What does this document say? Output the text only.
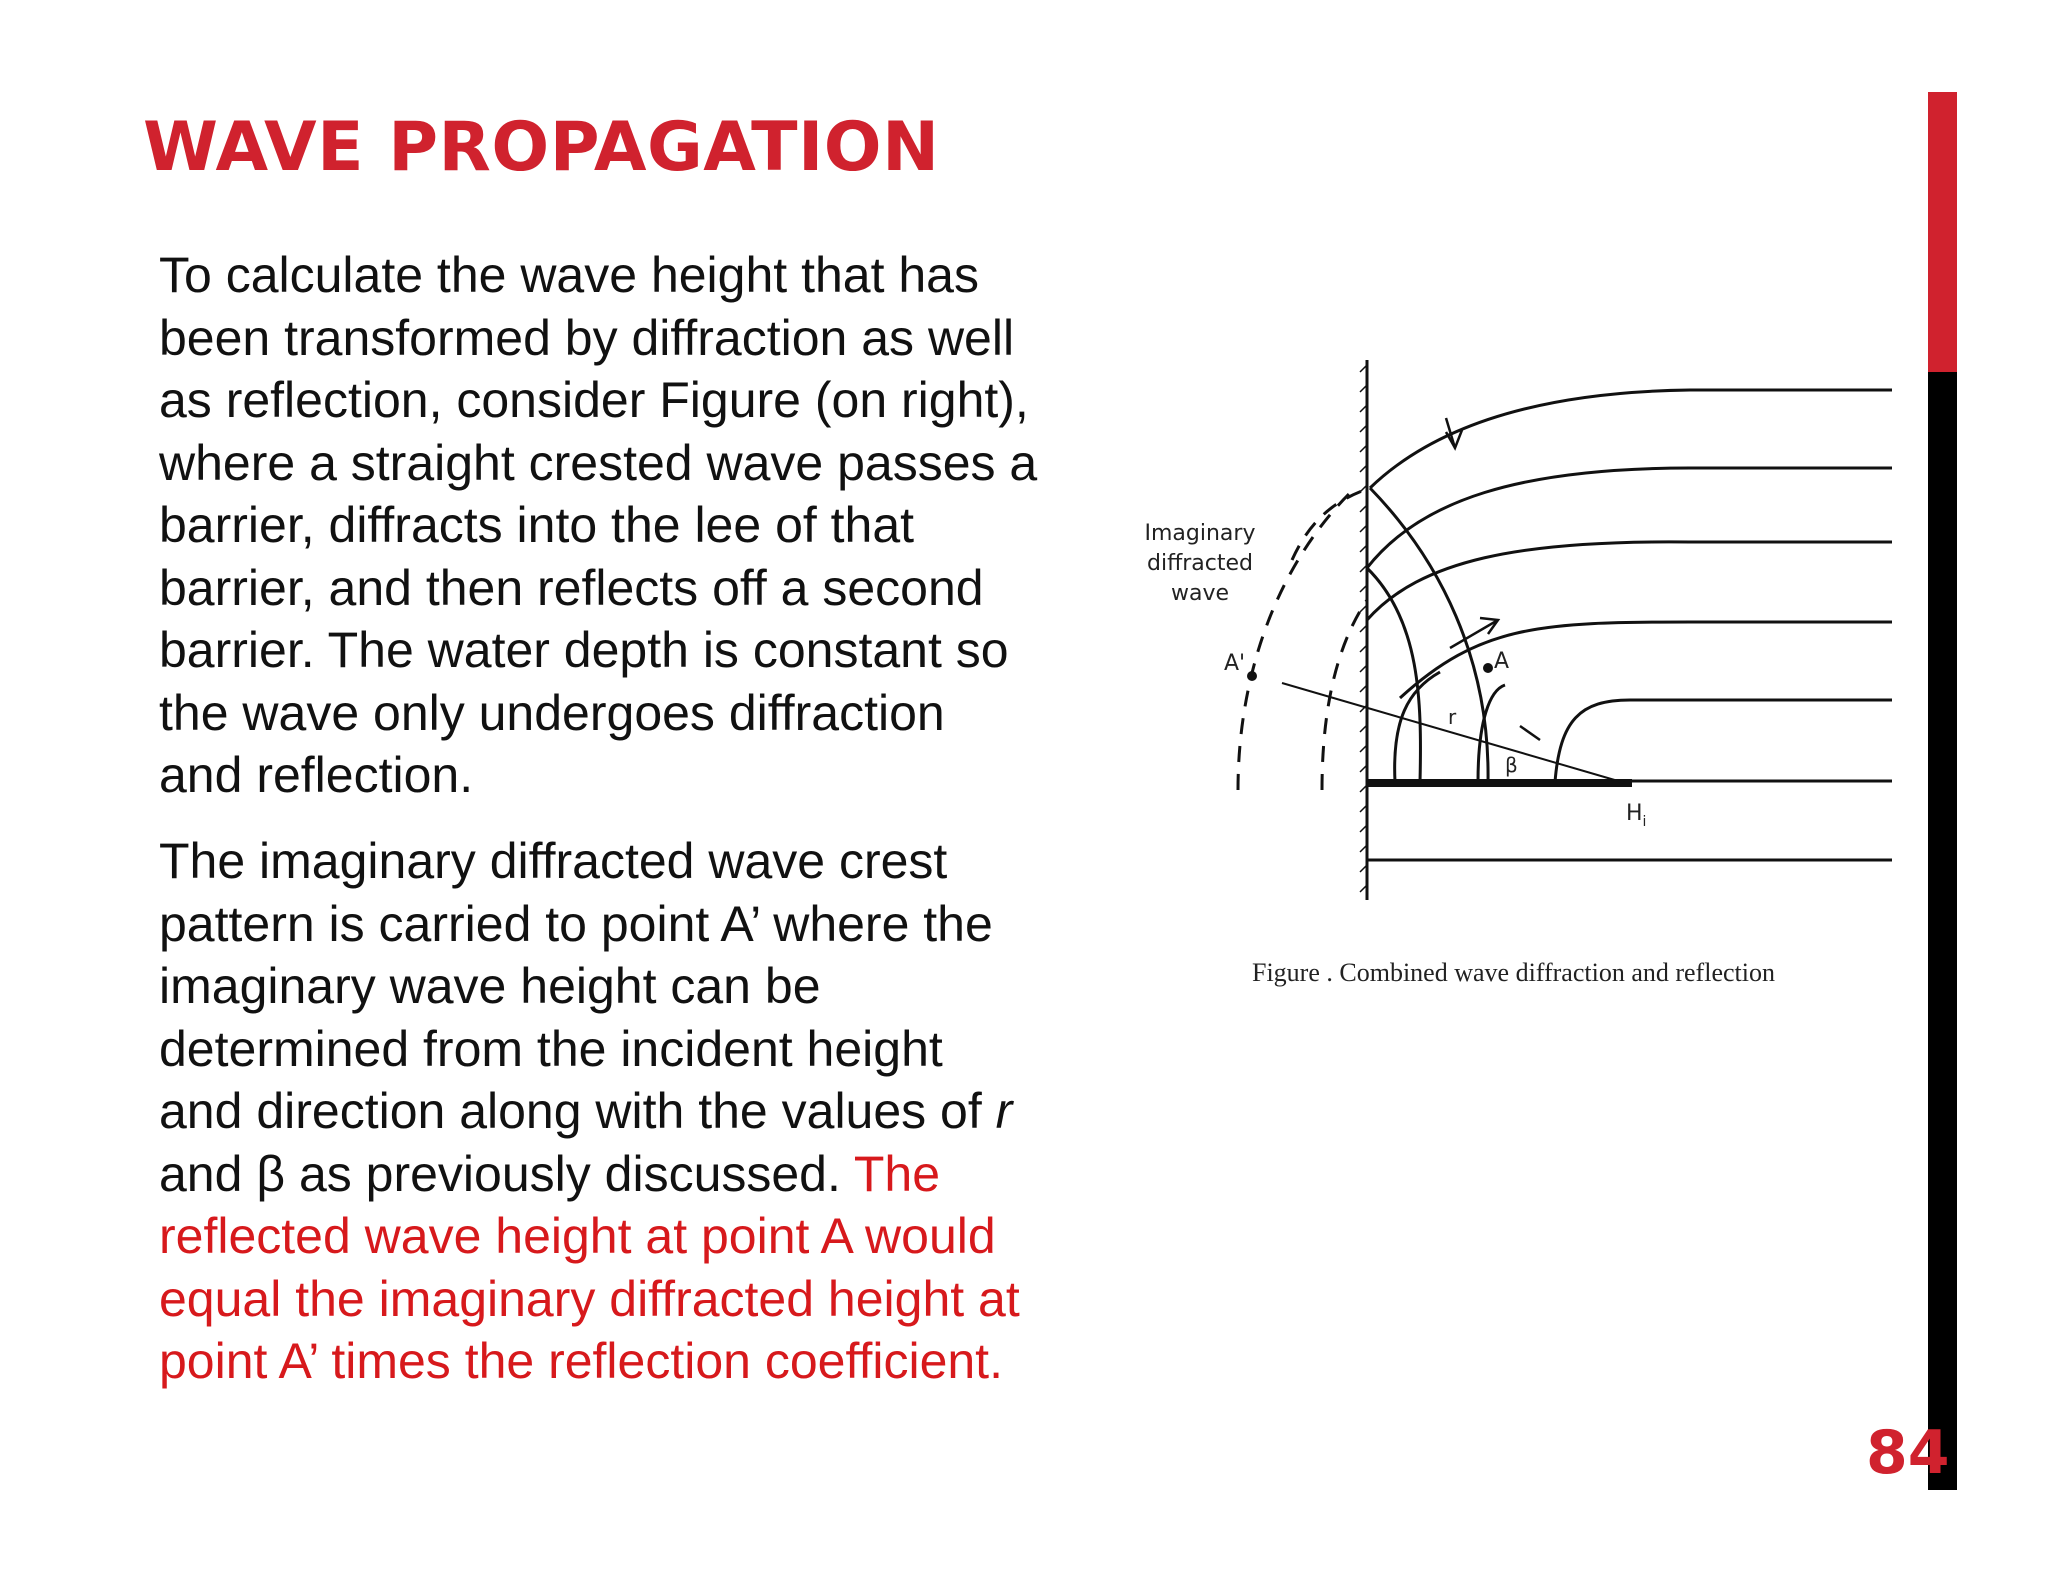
WAVE PROPAGATION
To calculate the wave height that has
been transformed by diffraction as well
as reflection, consider Figure (on right),
where a straight crested wave passes a
barrier, diffracts into the lee of that
barrier, and then reflects off a second
barrier. The water depth is constant so
the wave only undergoes diffraction
and reflection.
The imaginary diffracted wave crest
pattern is carried to point A’ where the
imaginary wave height can be
determined from the incident height
and direction along with the values of r
and β as previously discussed. The
reflected wave height at point A would
equal the imaginary diffracted height at
point A’ times the reflection coefficient.
Imaginary
diffracted
wave
A'	A
r
β
$H_i$
Figure . Combined wave diffraction and reflection
84
